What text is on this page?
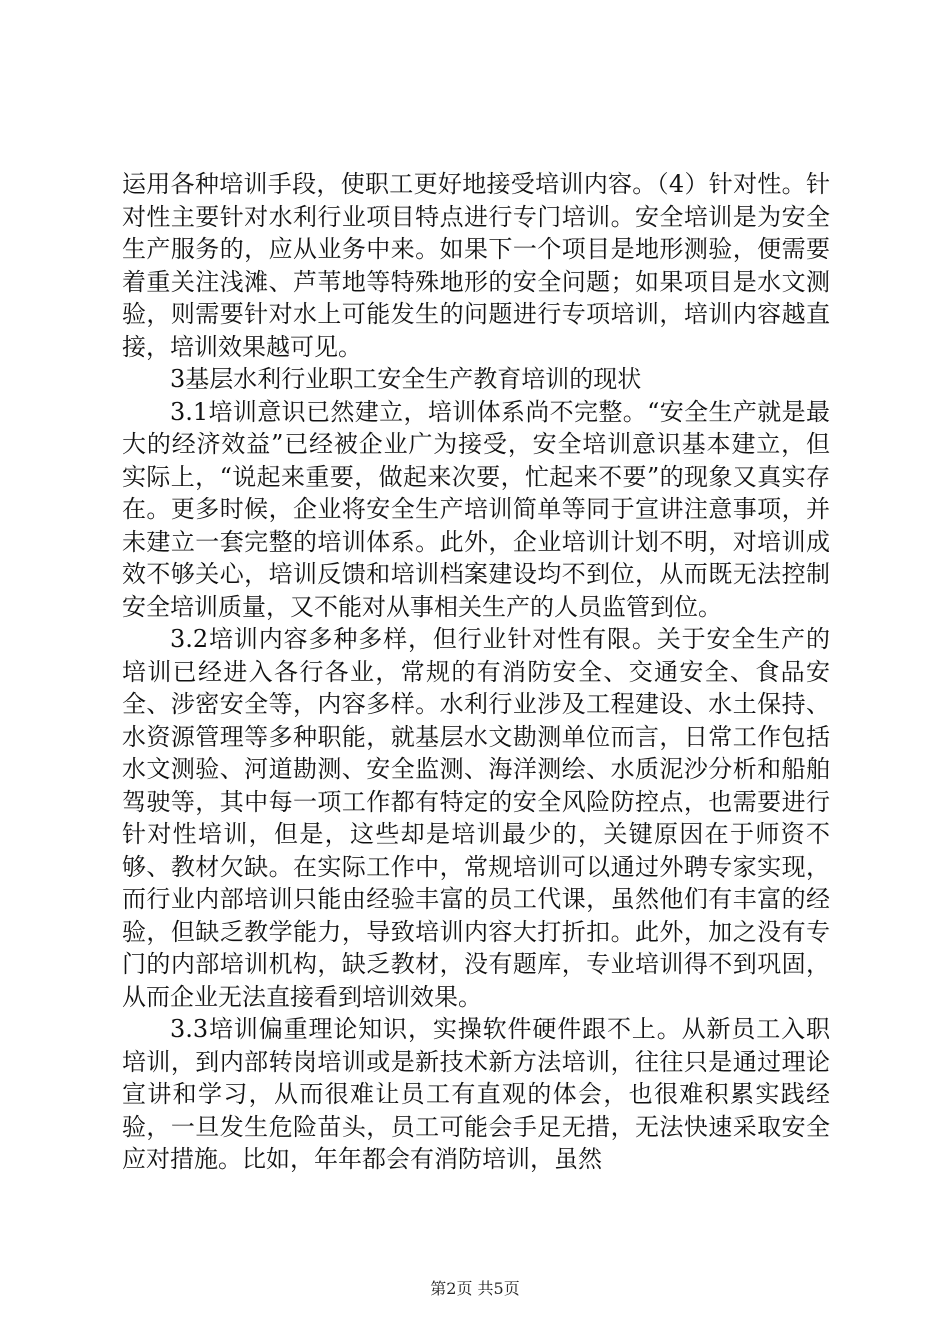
运用各种培训手段，使职工更好地接受培训内容。（4）针对性。针对性主要针对水利行业项目特点进行专门培训。安全培训是为安全生产服务的，应从业务中来。如果下一个项目是地形测验，便需要着重关注浅滩、芦苇地等特殊地形的安全问题；如果项目是水文测验，则需要针对水上可能发生的问题进行专项培训，培训内容越直接，培训效果越可见。

3基层水利行业职工安全生产教育培训的现状

3.1培训意识已然建立，培训体系尚不完整。“安全生产就是最大的经济效益”已经被企业广为接受，安全培训意识基本建立，但实际上，“说起来重要，做起来次要，忙起来不要”的现象又真实存在。更多时候，企业将安全生产培训简单等同于宣讲注意事项，并未建立一套完整的培训体系。此外，企业培训计划不明，对培训成效不够关心，培训反馈和培训档案建设均不到位，从而既无法控制安全培训质量，又不能对从事相关生产的人员监管到位。

3.2培训内容多种多样，但行业针对性有限。关于安全生产的培训已经进入各行各业，常规的有消防安全、交通安全、食品安全、涉密安全等，内容多样。水利行业涉及工程建设、水土保持、水资源管理等多种职能，就基层水文勘测单位而言，日常工作包括水文测验、河道勘测、安全监测、海洋测绘、水质泥沙分析和船舶驾驶等，其中每一项工作都有特定的安全风险防控点，也需要进行针对性培训，但是，这些却是培训最少的，关键原因在于师资不够、教材欠缺。在实际工作中，常规培训可以通过外聘专家实现，而行业内部培训只能由经验丰富的员工代课，虽然他们有丰富的经验，但缺乏教学能力，导致培训内容大打折扣。此外，加之没有专门的内部培训机构，缺乏教材，没有题库，专业培训得不到巩固，从而企业无法直接看到培训效果。

3.3培训偏重理论知识，实操软件硬件跟不上。从新员工入职培训，到内部转岗培训或是新技术新方法培训，往往只是通过理论宣讲和学习，从而很难让员工有直观的体会，也很难积累实践经验，一旦发生危险苗头，员工可能会手足无措，无法快速采取安全应对措施。比如，年年都会有消防培训，虽然

第2页 共5页
